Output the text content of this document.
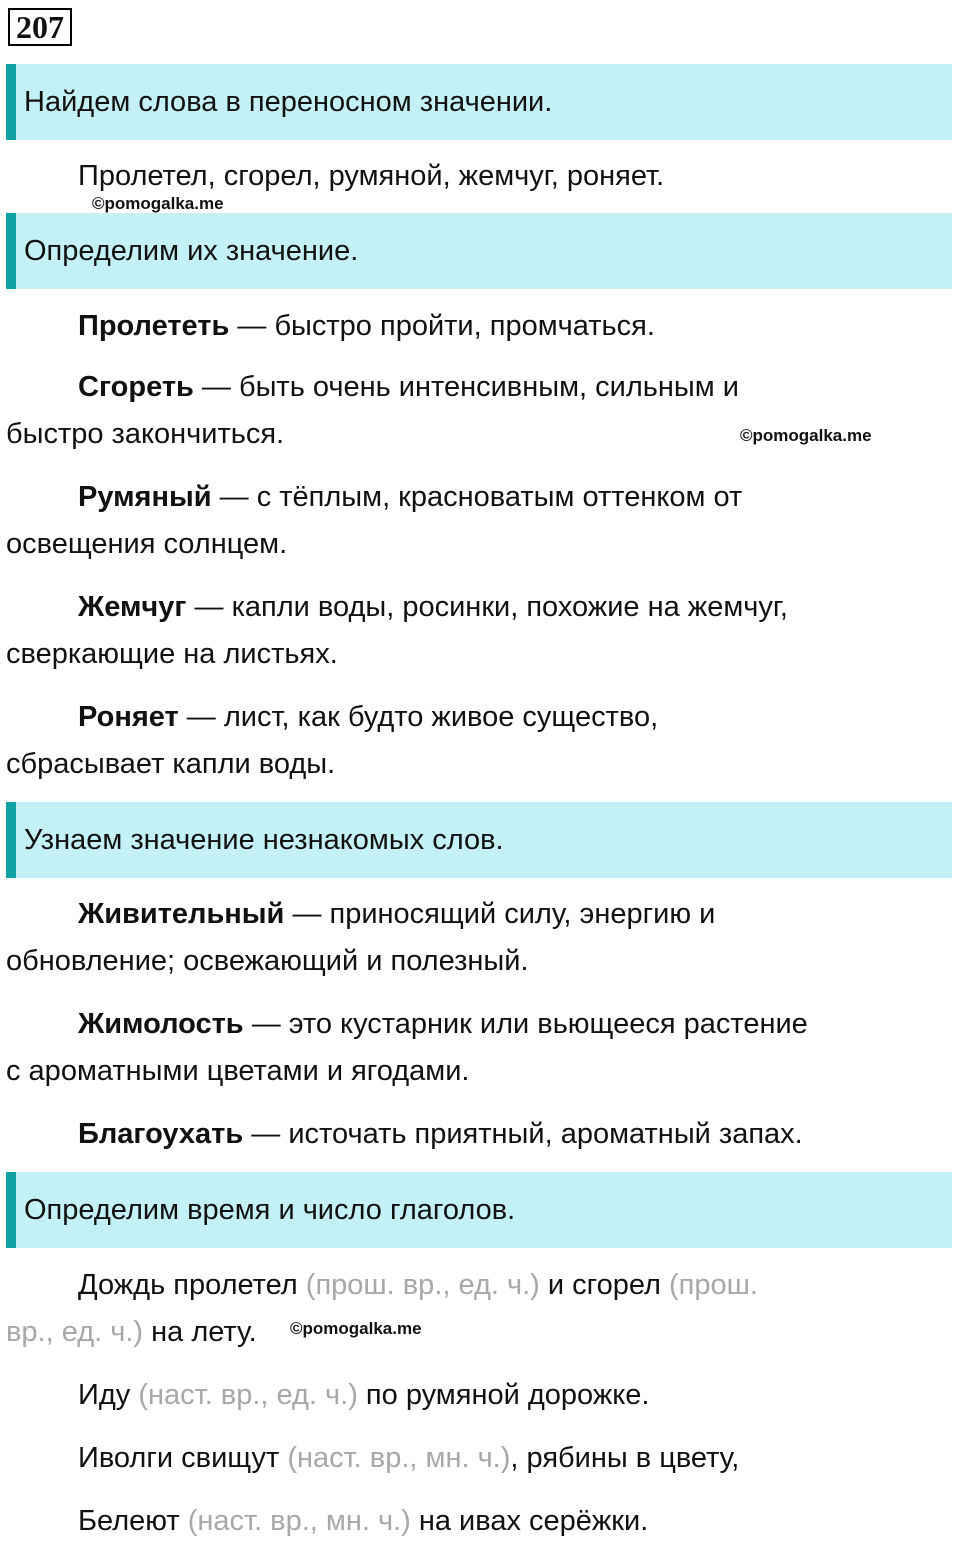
207
Найдем слова в переносном значении.
Пролетел, сгорел, румяной, жемчуг, роняет.
©pomogalka.me
Определим их значение.
Пролететь — быстро пройти, промчаться.
Сгореть — быть очень интенсивным, сильным и
быстро закончиться.	©pomogalka.me
Румяный — с тёплым, красноватым оттенком от
освещения солнцем.
Жемчуг — капли воды, росинки, похожие на жемчуг,
сверкающие на листьях.
Роняет — лист, как будто живое существо,
сбрасывает капли воды.
Узнаем значение незнакомых слов.
Живительный — приносящий силу, энергию и
обновление; освежающий и полезный.
Жимолость — это кустарник или вьющееся растение
с ароматными цветами и ягодами.
Благоухать — источать приятный, ароматный запах.
Определим время и число глаголов.
Дождь пролетел (прош. вр., ед. ч.) и сгорел (прош.
вр., ед. ч.) на лету.	©pomogalka.me
Иду (наст. вр., ед. ч.) по румяной дорожке.
Иволги свищут (наст. вр., мн. ч.), рябины в цвету,
Белеют (наст. вр., мн. ч.) на ивах серёжки.
